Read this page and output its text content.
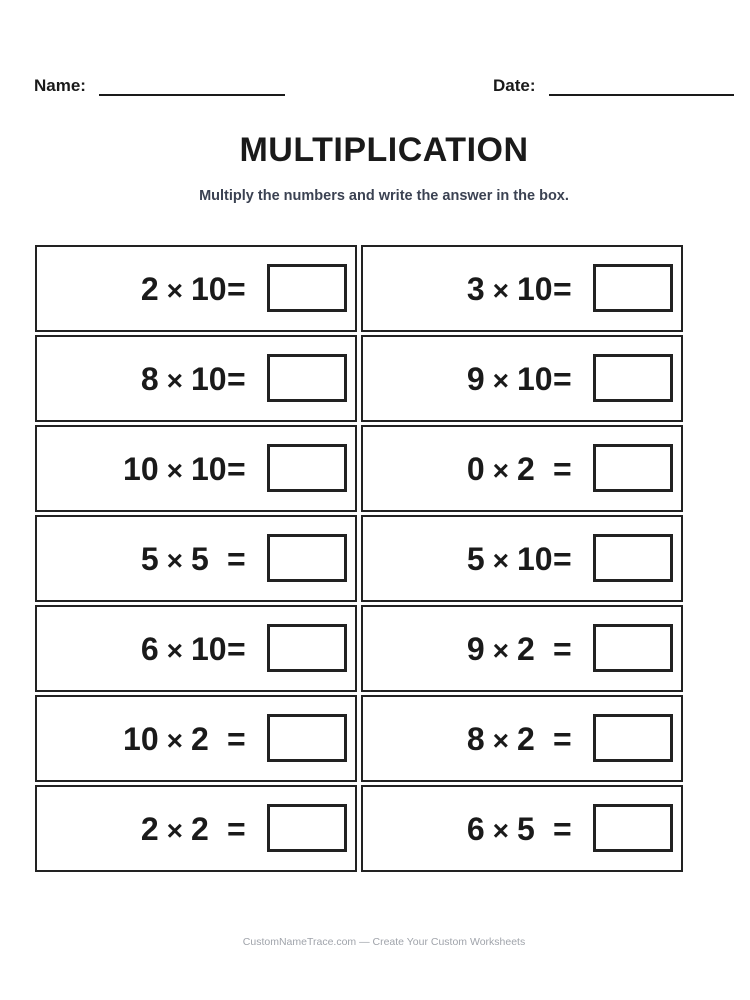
Name:	Date:
MULTIPLICATION
Multiply the numbers and write the answer in the box.
2 × 10 =	3 × 10 =
8 × 10 =	9 × 10 =
10 × 10 =	0 × 2 =
5 × 5 =	5 × 10 =
6 × 10 =	9 × 2 =
10 × 2 =	8 × 2 =
2 × 2 =	6 × 5 =
CustomNameTrace.com — Create Your Custom Worksheets
